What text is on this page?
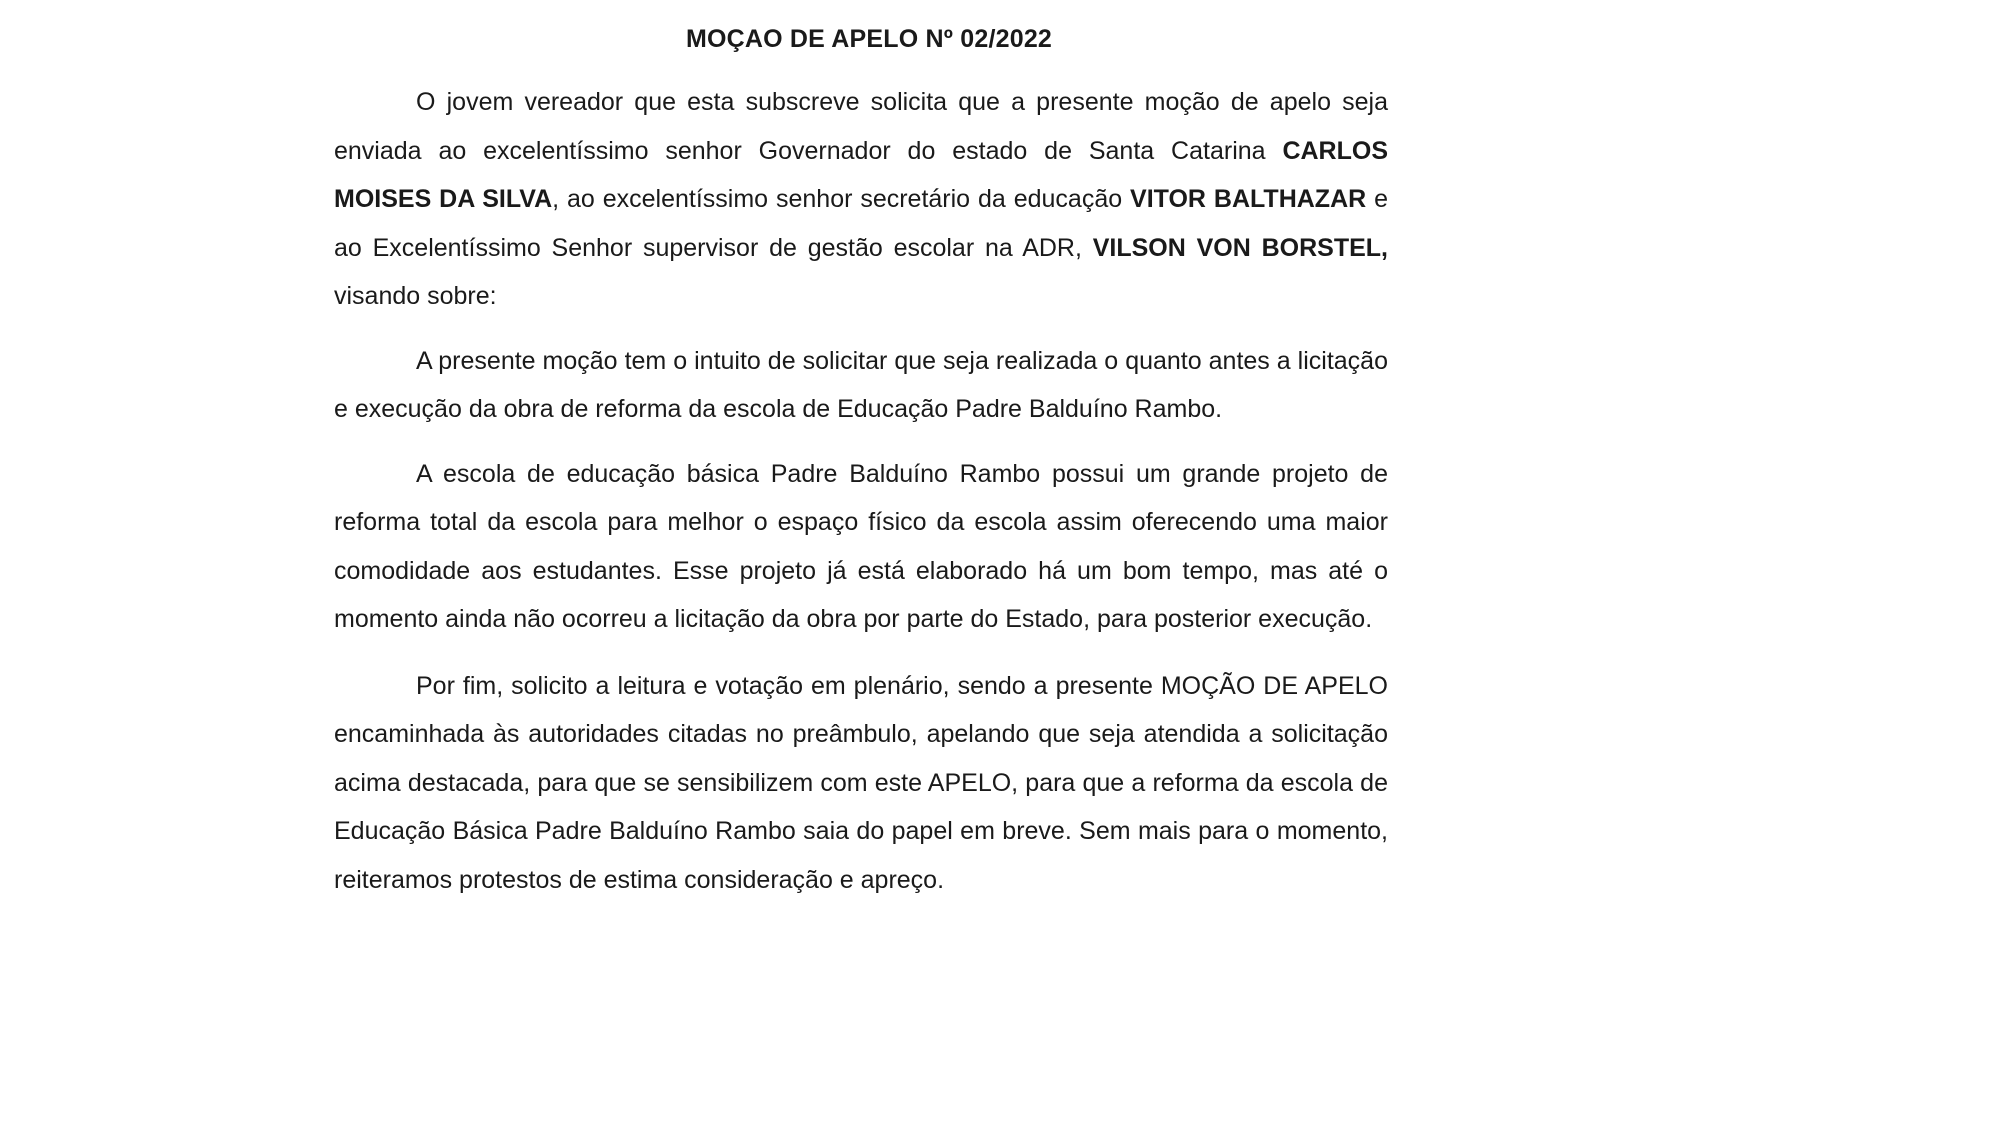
MOÇAO DE APELO Nº 02/2022

O jovem vereador que esta subscreve solicita que a presente moção de apelo seja enviada ao excelentíssimo senhor Governador do estado de Santa Catarina CARLOS MOISES DA SILVA, ao excelentíssimo senhor secretário da educação VITOR BALTHAZAR e ao Excelentíssimo Senhor supervisor de gestão escolar na ADR, VILSON VON BORSTEL, visando sobre:

A presente moção tem o intuito de solicitar que seja realizada o quanto antes a licitação e execução da obra de reforma da escola de Educação Padre Balduíno Rambo.

A escola de educação básica Padre Balduíno Rambo possui um grande projeto de reforma total da escola para melhor o espaço físico da escola assim oferecendo uma maior comodidade aos estudantes. Esse projeto já está elaborado há um bom tempo, mas até o momento ainda não ocorreu a licitação da obra por parte do Estado, para posterior execução.

Por fim, solicito a leitura e votação em plenário, sendo a presente MOÇÃO DE APELO encaminhada às autoridades citadas no preâmbulo, apelando que seja atendida a solicitação acima destacada, para que se sensibilizem com este APELO, para que a reforma da escola de Educação Básica Padre Balduíno Rambo saia do papel em breve. Sem mais para o momento, reiteramos protestos de estima consideração e apreço.
